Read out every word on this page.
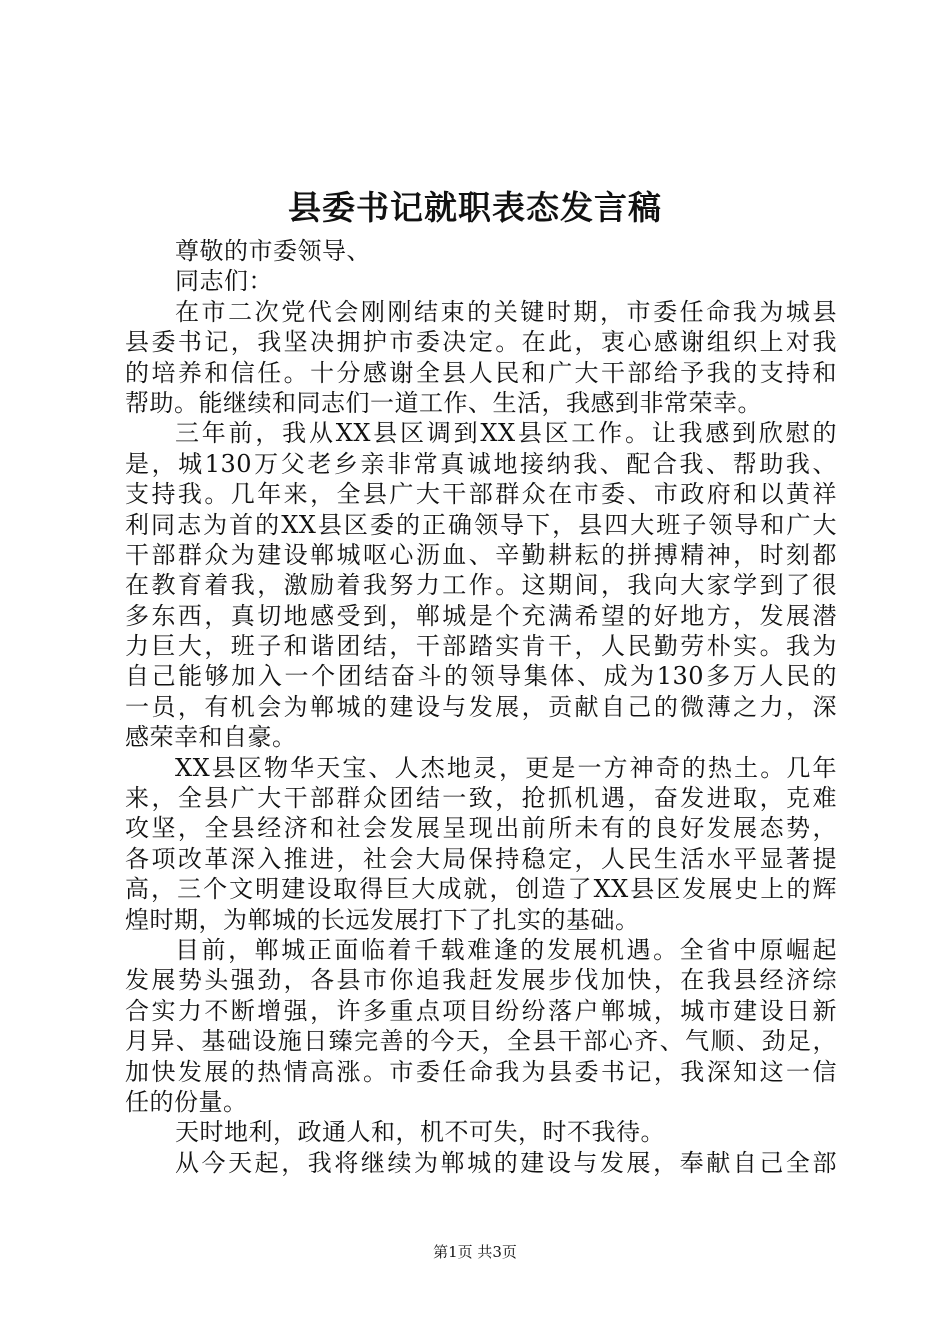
县委书记就职表态发言稿
尊敬的市委领导、
同志们：
在市二次党代会刚刚结束的关键时期，市委任命我为城县
县委书记，我坚决拥护市委决定。在此，衷心感谢组织上对我
的培养和信任。十分感谢全县人民和广大干部给予我的支持和
帮助。能继续和同志们一道工作、生活，我感到非常荣幸。
三年前，我从XX县区调到XX县区工作。让我感到欣慰的
是，城130万父老乡亲非常真诚地接纳我、配合我、帮助我、
支持我。几年来，全县广大干部群众在市委、市政府和以黄祥
利同志为首的XX县区委的正确领导下，县四大班子领导和广大
干部群众为建设郸城呕心沥血、辛勤耕耘的拼搏精神，时刻都
在教育着我，激励着我努力工作。这期间，我向大家学到了很
多东西，真切地感受到，郸城是个充满希望的好地方，发展潜
力巨大，班子和谐团结，干部踏实肯干，人民勤劳朴实。我为
自己能够加入一个团结奋斗的领导集体、成为130多万人民的
一员，有机会为郸城的建设与发展，贡献自己的微薄之力，深
感荣幸和自豪。
XX县区物华天宝、人杰地灵，更是一方神奇的热土。几年
来，全县广大干部群众团结一致，抢抓机遇，奋发进取，克难
攻坚，全县经济和社会发展呈现出前所未有的良好发展态势，
各项改革深入推进，社会大局保持稳定，人民生活水平显著提
高，三个文明建设取得巨大成就，创造了XX县区发展史上的辉
煌时期，为郸城的长远发展打下了扎实的基础。
目前，郸城正面临着千载难逢的发展机遇。全省中原崛起
发展势头强劲，各县市你追我赶发展步伐加快，在我县经济综
合实力不断增强，许多重点项目纷纷落户郸城，城市建设日新
月异、基础设施日臻完善的今天，全县干部心齐、气顺、劲足，
加快发展的热情高涨。市委任命我为县委书记，我深知这一信
任的份量。
天时地利，政通人和，机不可失，时不我待。
从今天起，我将继续为郸城的建设与发展，奉献自己全部
第1页 共3页
